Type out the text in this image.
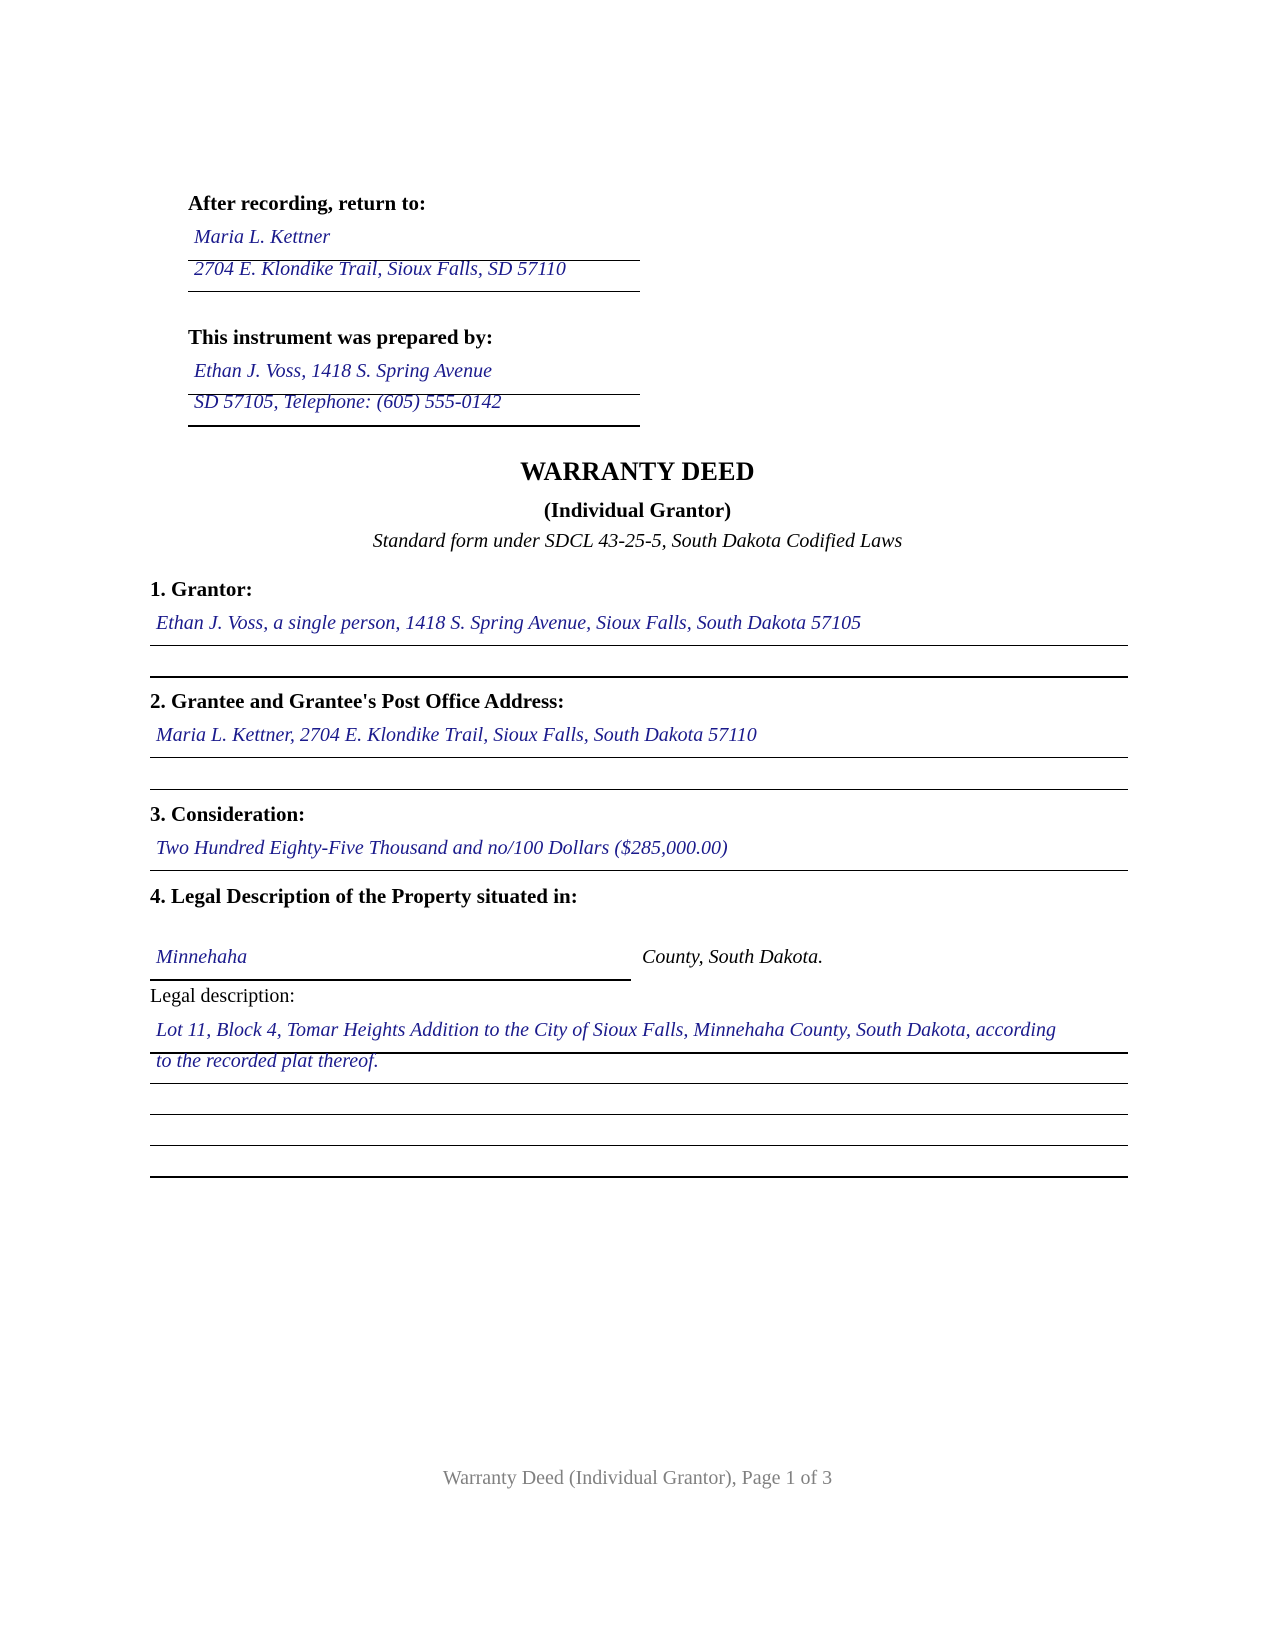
After recording, return to:
Maria L. Kettner
2704 E. Klondike Trail, Sioux Falls, SD 57110
This instrument was prepared by:
Ethan J. Voss, 1418 S. Spring Avenue
SD 57105, Telephone: (605) 555-0142
WARRANTY DEED
(Individual Grantor)
Standard form under SDCL 43-25-5, South Dakota Codified Laws
1. Grantor:
Ethan J. Voss, a single person, 1418 S. Spring Avenue, Sioux Falls, South Dakota 57105
2. Grantee and Grantee's Post Office Address:
Maria L. Kettner, 2704 E. Klondike Trail, Sioux Falls, South Dakota 57110
3. Consideration:
Two Hundred Eighty-Five Thousand and no/100 Dollars ($285,000.00)
4. Legal Description of the Property situated in:
Minnehaha	County, South Dakota.
Legal description:
Lot 11, Block 4, Tomar Heights Addition to the City of Sioux Falls, Minnehaha County, South Dakota, according
to the recorded plat thereof.
Warranty Deed (Individual Grantor), Page 1 of 3
